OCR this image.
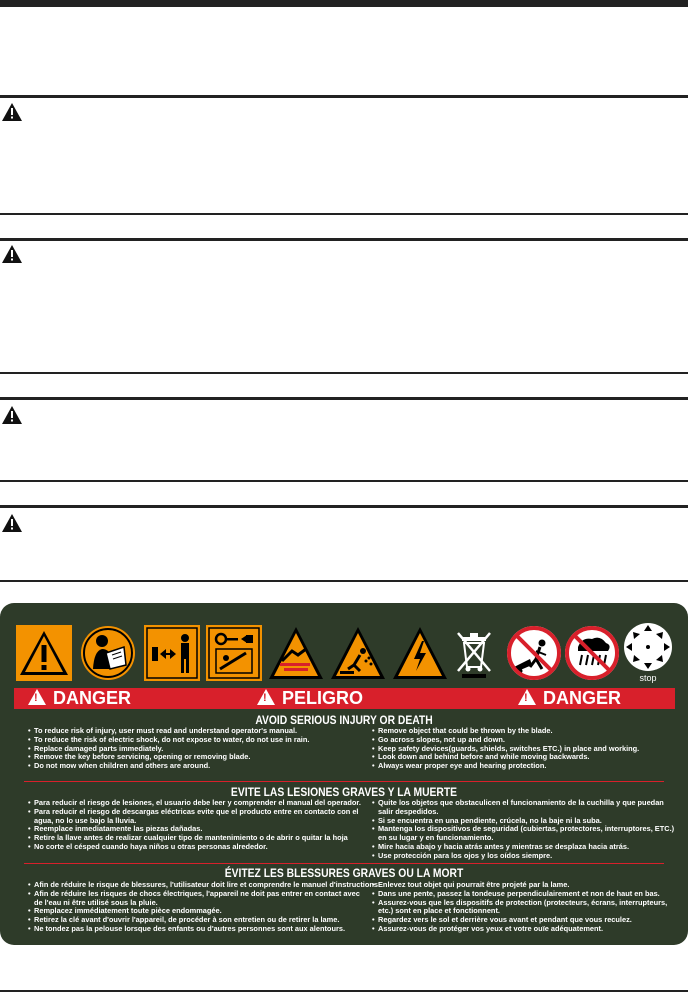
stop
!DANGER !	PELIGRO !	DANGER
AVOID SERIOUS INJURY OR DEATH
• To reduce risk of injury, user must read and understand operator's manual.
• To reduce the risk of electric shock, do not expose to water, do not use in rain.
• Replace damaged parts immediately.
• Remove the key before servicing, opening or removing blade.
• Do not mow when children and others are around.
• Remove object that could be thrown by the blade.
• Go across slopes, not up and down.
• Keep safety devices(guards, shields, switches ETC.) in place and working.
• Look down and behind before and while moving backwards.
• Always wear proper eye and hearing protection.
EVITE LAS LESIONES GRAVES Y LA MUERTE
• Para reducir el riesgo de lesiones, el usuario debe leer y comprender el manual del operador.
• Para reducir el riesgo de descargas eléctricas evite que el producto entre en contacto con el agua, no lo use bajo la lluvia.
• Reemplace inmediatamente las piezas dañadas.
• Retire la llave antes de realizar cualquier tipo de mantenimiento o de abrir o quitar la hoja
• No corte el césped cuando haya niños u otras personas alrededor.
• Quite los objetos que obstaculicen el funcionamiento de la cuchilla y que puedan salir despedidos.
• Si se encuentra en una pendiente, crúcela, no la baje ni la suba.
• Mantenga los dispositivos de seguridad (cubiertas, protectores, interruptores, ETC.) en su lugar y en funcionamiento.
• Mire hacia abajo y hacia atrás antes y mientras se desplaza hacia atrás.
• Use protección para los ojos y los oídos siempre.
ÉVITEZ LES BLESSURES GRAVES OU LA MORT
• Afin de réduire le risque de blessures, l'utilisateur doit lire et comprendre le manuel d'instructions.
• Afin de réduire les risques de chocs électriques, l'appareil ne doit pas entrer en contact avec de l'eau ni être utilisé sous la pluie.
• Remplacez immédiatement toute pièce endommagée.
• Retirez la clé avant d'ouvrir l'appareil, de procéder à son entretien ou de retirer la lame.
• Ne tondez pas la pelouse lorsque des enfants ou d'autres personnes sont aux alentours.
• Enlevez tout objet qui pourrait être projeté par la lame.
• Dans une pente, passez la tondeuse perpendiculairement et non de haut en bas.
• Assurez-vous que les dispositifs de protection (protecteurs, écrans, interrupteurs, etc.) sont en place et fonctionnent.
• Regardez vers le sol et derrière vous avant et pendant que vous reculez.
• Assurez-vous de protéger vos yeux et votre ouïe adéquatement.
